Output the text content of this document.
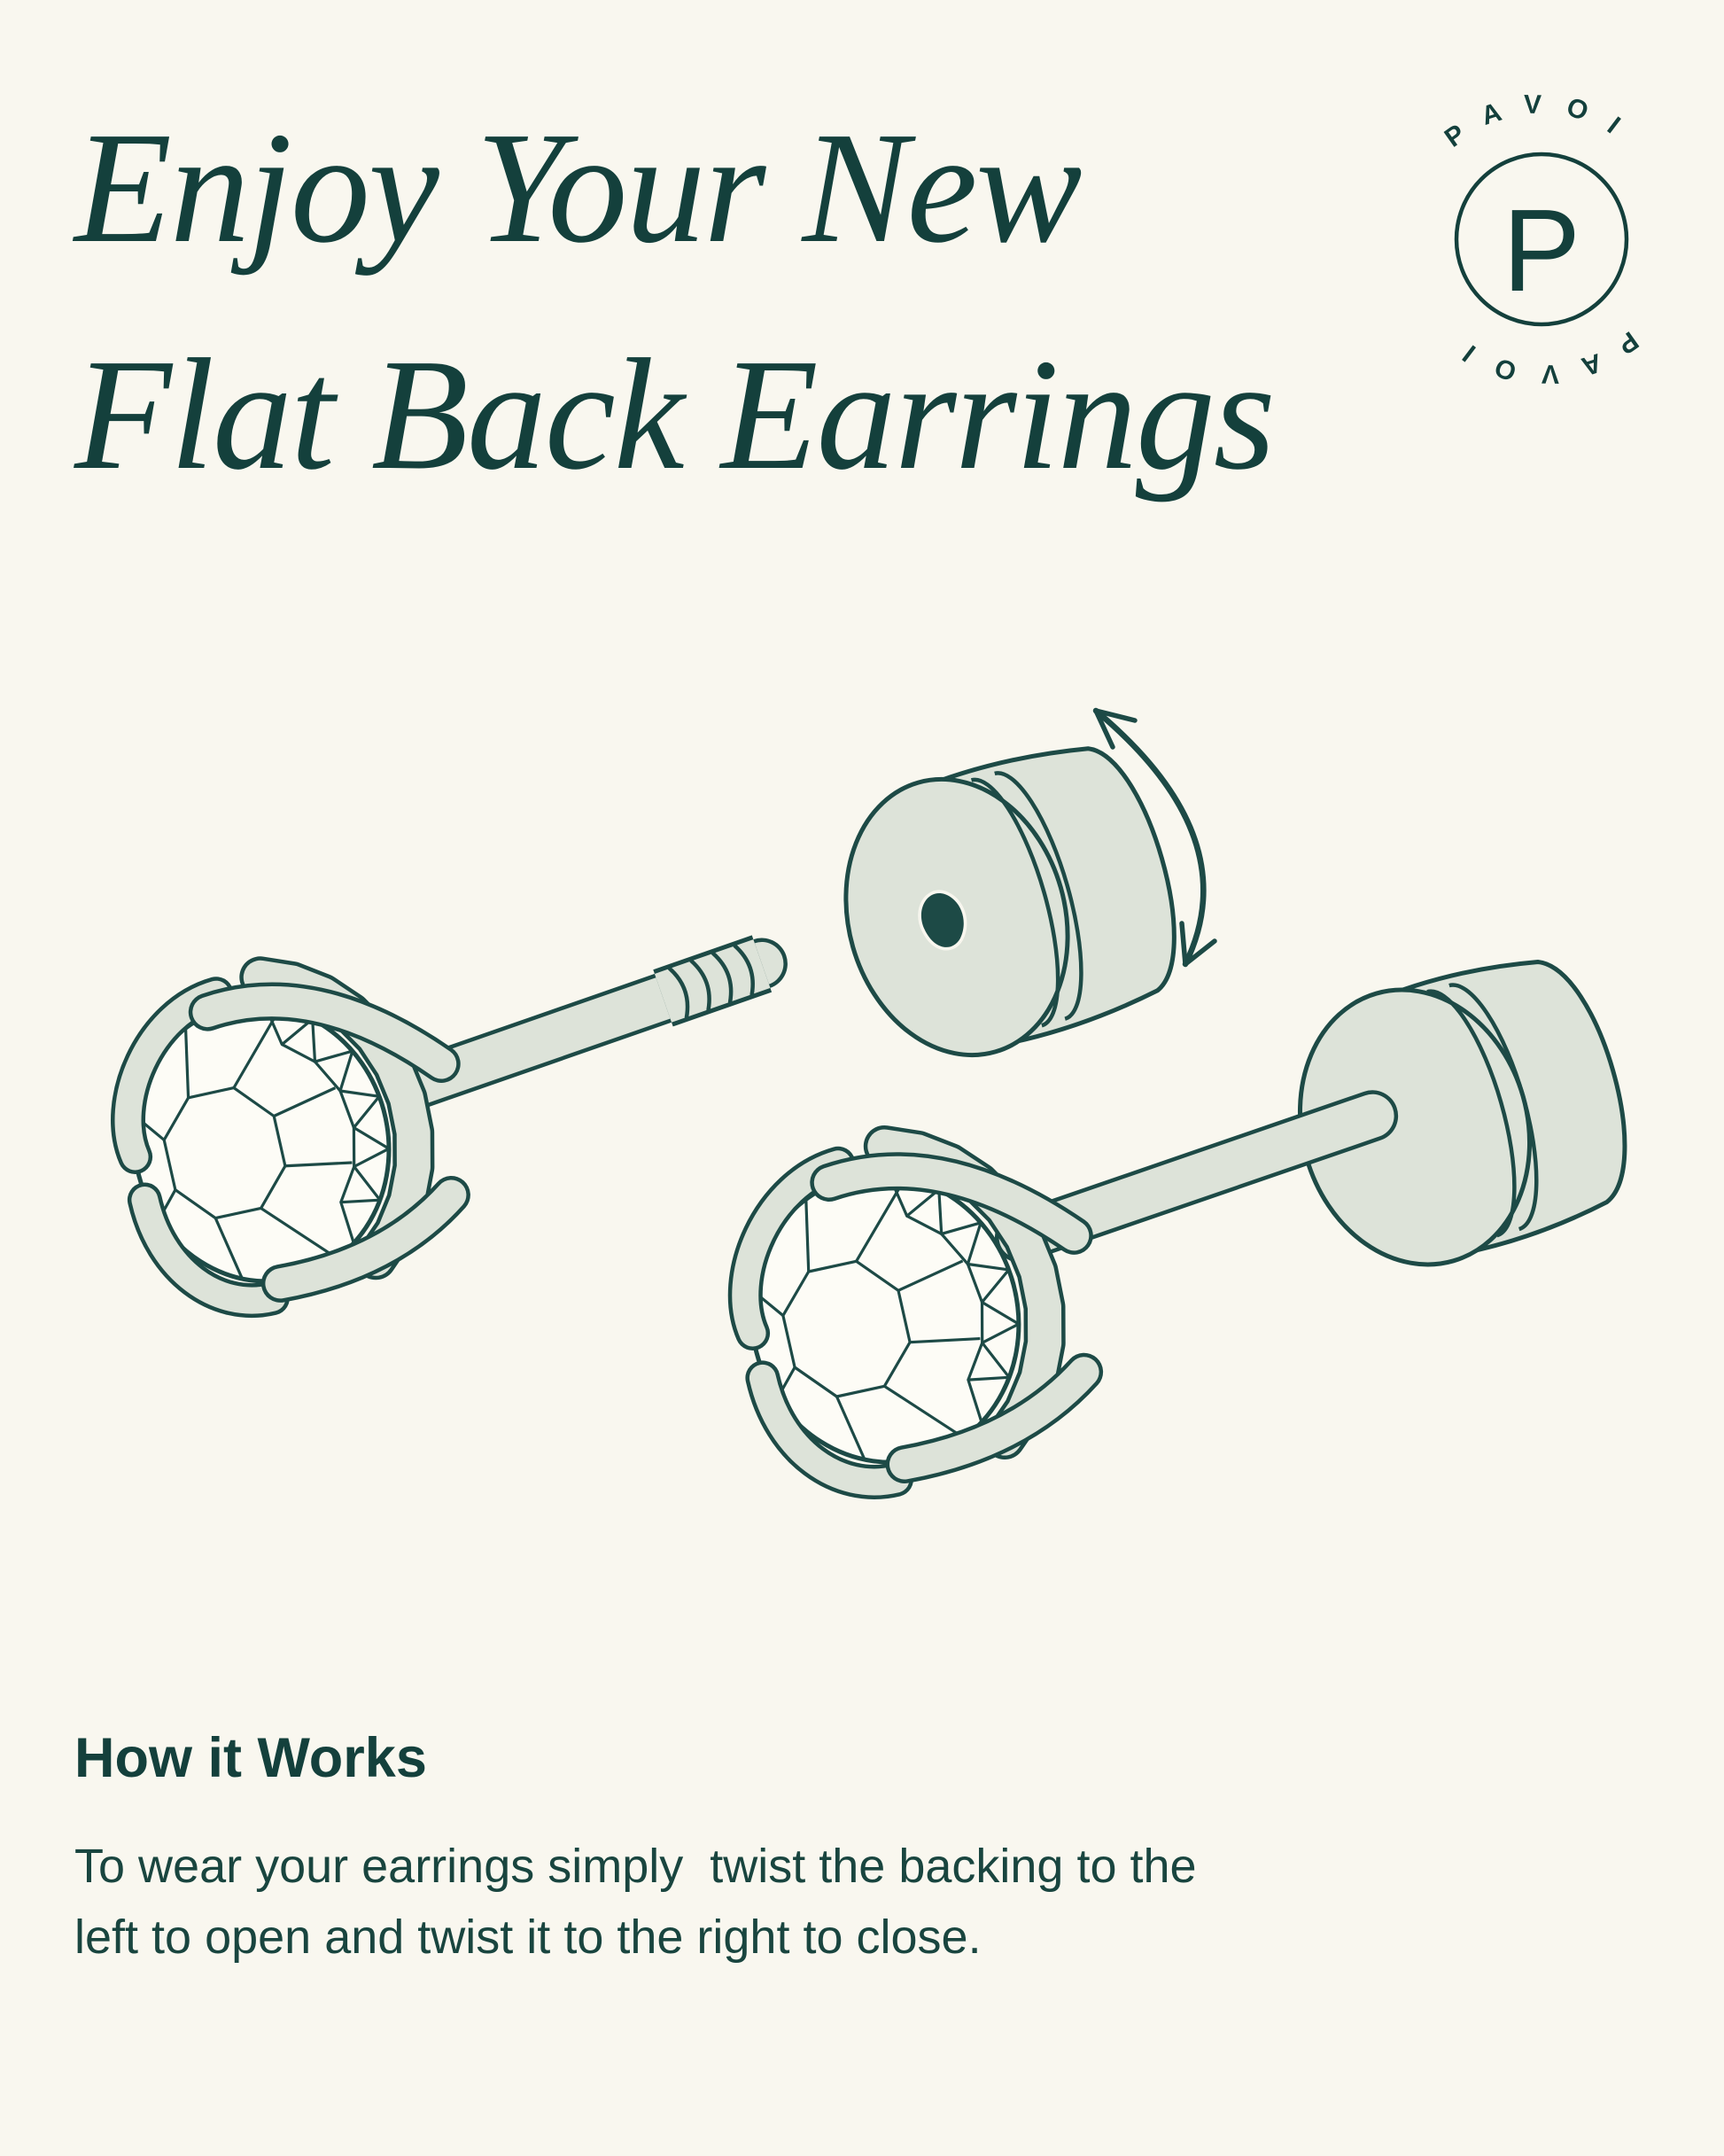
Enjoy Your New
Flat Back Earrings
PAVOI
PAVOI
P
How it Works

To wear your earrings simply  twist the backing to the
left to open and twist it to the right to close.
